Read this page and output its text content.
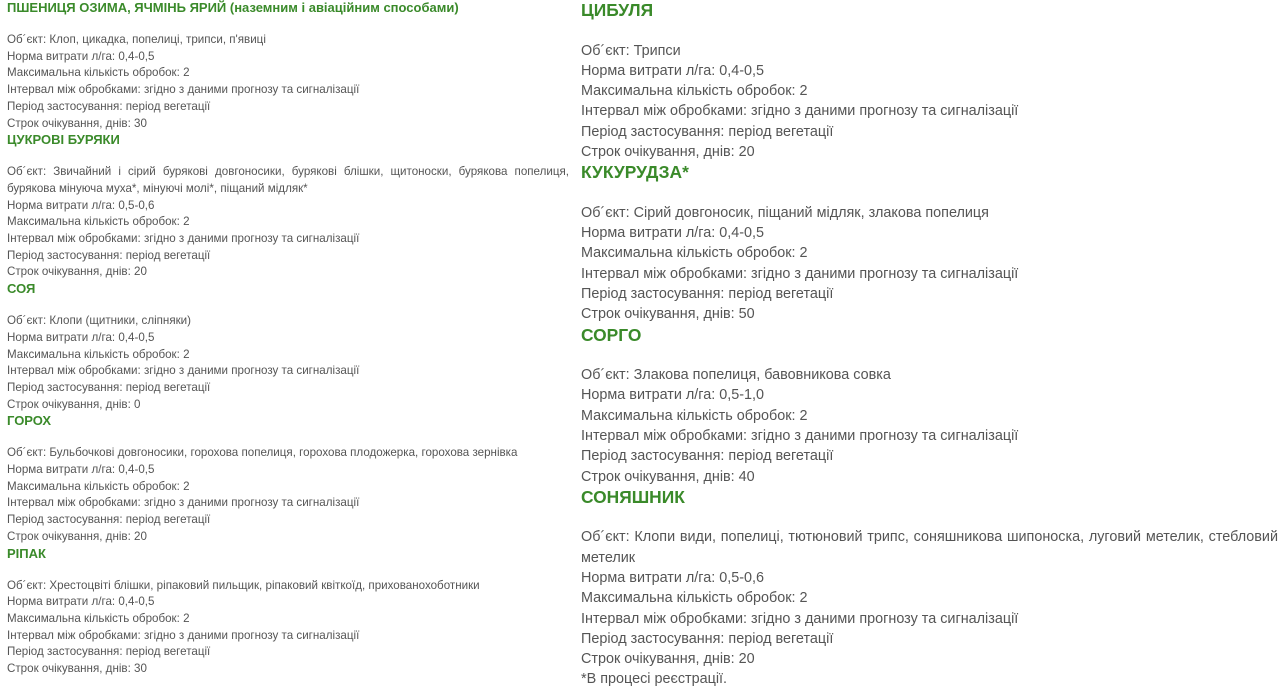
ПШЕНИЦЯ ОЗИМА, ЯЧМІНЬ ЯРИЙ (наземним і авіаційним способами)

Об´єкт: Клоп, цикадка, попелиці, трипси, п'явиці

Норма витрати л/га: 0,4-0,5

Максимальна кількість обробок: 2

Інтервал між обробками: згідно з даними прогнозу та сигналізації

Період застосування: період вегетації

Строк очікування, днів: 30

ЦУКРОВІ БУРЯКИ

Об´єкт: Звичайний і сірий бурякові довгоносики, бурякові блішки, щитоноски, бурякова попелиця, бурякова мінуюча муха*, мінуючі молі*, піщаний мідляк*

Норма витрати л/га: 0,5-0,6

Максимальна кількість обробок: 2

Інтервал між обробками: згідно з даними прогнозу та сигналізації

Період застосування: період вегетації

Строк очікування, днів: 20

СОЯ

Об´єкт: Клопи (щитники, сліпняки)

Норма витрати л/га: 0,4-0,5

Максимальна кількість обробок: 2

Інтервал між обробками: згідно з даними прогнозу та сигналізації

Період застосування: період вегетації

Строк очікування, днів: 0

ГОРОХ

Об´єкт: Бульбочкові довгоносики, горохова попелиця, горохова плодожерка, горохова зернівка

Норма витрати л/га: 0,4-0,5

Максимальна кількість обробок: 2

Інтервал між обробками: згідно з даними прогнозу та сигналізації

Період застосування: період вегетації

Строк очікування, днів: 20

РІПАК

Об´єкт: Хрестоцвіті блішки, ріпаковий пильщик, ріпаковий квіткоїд, прихованохоботники

Норма витрати л/га: 0,4-0,5

Максимальна кількість обробок: 2

Інтервал між обробками: згідно з даними прогнозу та сигналізації

Період застосування: період вегетації

Строк очікування, днів: 30

ЦИБУЛЯ

Об´єкт: Трипси

Норма витрати л/га: 0,4-0,5

Максимальна кількість обробок: 2

Інтервал між обробками: згідно з даними прогнозу та сигналізації

Період застосування: період вегетації

Строк очікування, днів: 20

КУКУРУДЗА*

Об´єкт: Сірий довгоносик, піщаний мідляк, злакова попелиця

Норма витрати л/га: 0,4-0,5

Максимальна кількість обробок: 2

Інтервал між обробками: згідно з даними прогнозу та сигналізації

Період застосування: період вегетації

Строк очікування, днів: 50

СОРГО

Об´єкт: Злакова попелиця, бавовникова совка

Норма витрати л/га: 0,5-1,0

Максимальна кількість обробок: 2

Інтервал між обробками: згідно з даними прогнозу та сигналізації

Період застосування: період вегетації

Строк очікування, днів: 40

СОНЯШНИК

Об´єкт: Клопи види, попелиці, тютюновий трипс, соняшникова шипоноска, луговий метелик, стебловий метелик

Норма витрати л/га: 0,5-0,6

Максимальна кількість обробок: 2

Інтервал між обробками: згідно з даними прогнозу та сигналізації

Період застосування: період вегетації

Строк очікування, днів: 20

*В процесі реєстрації.
